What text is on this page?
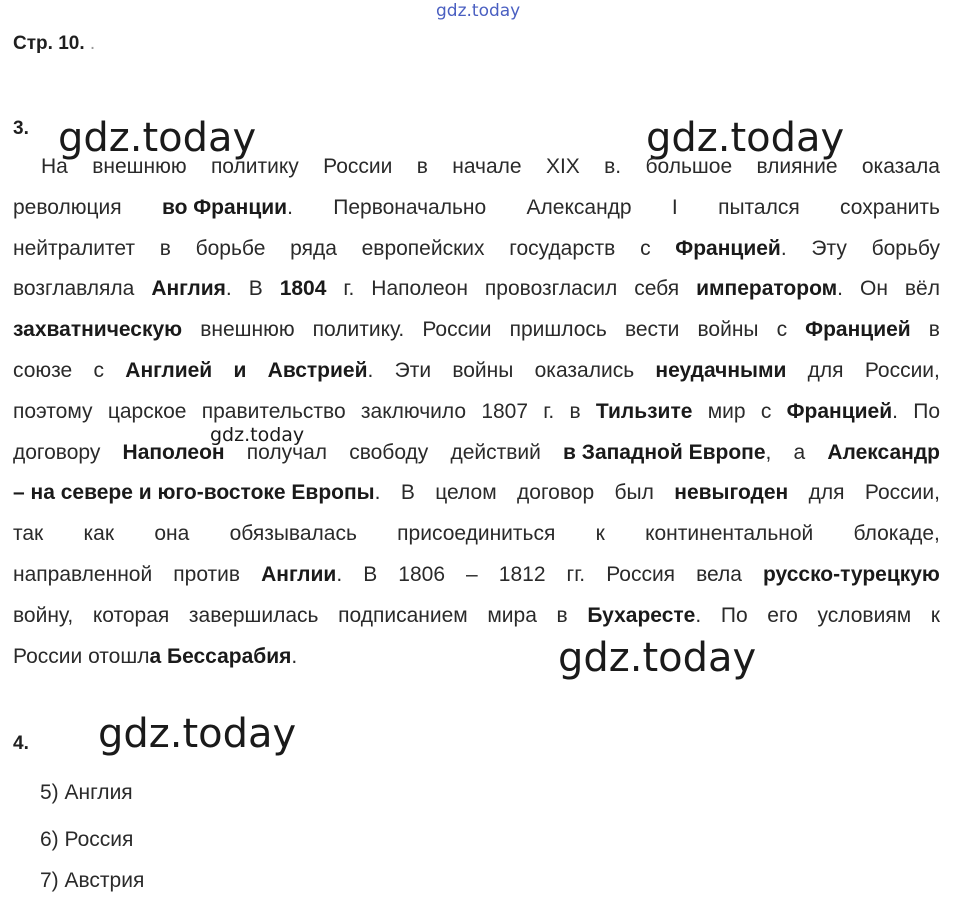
gdz.today
gdz.today	gdz.today
gdz.today
gdz.today
gdz.today
Стр. 10. .
3.
На внешнюю политику России в начале XIX в. большое влияние оказала
революция во Франции. Первоначально Александр I пытался сохранить
нейтралитет в борьбе ряда европейских государств с Францией. Эту борьбу
возглавляла Англия. В 1804 г. Наполеон провозгласил себя императором. Он вёл
захватническую внешнюю политику. России пришлось вести войны с Францией в
союзе с Англией и Австрией. Эти войны оказались неудачными для России,
поэтому царское правительство заключило 1807 г. в Тильзите мир с Францией. По
договору Наполеон получал свободу действий в Западной Европе, а Александр
– на севере и юго-востоке Европы. В целом договор был невыгоден для России,
так как она обязывалась присоединиться к континентальной блокаде,
направленной против Англии. В 1806 – 1812 гг. Россия вела русско-турецкую
войну, которая завершилась подписанием мира в Бухаресте. По его условиям к
России
отошл а Бессарабия.
4.
5) Англия
6) Россия
7) Австрия
